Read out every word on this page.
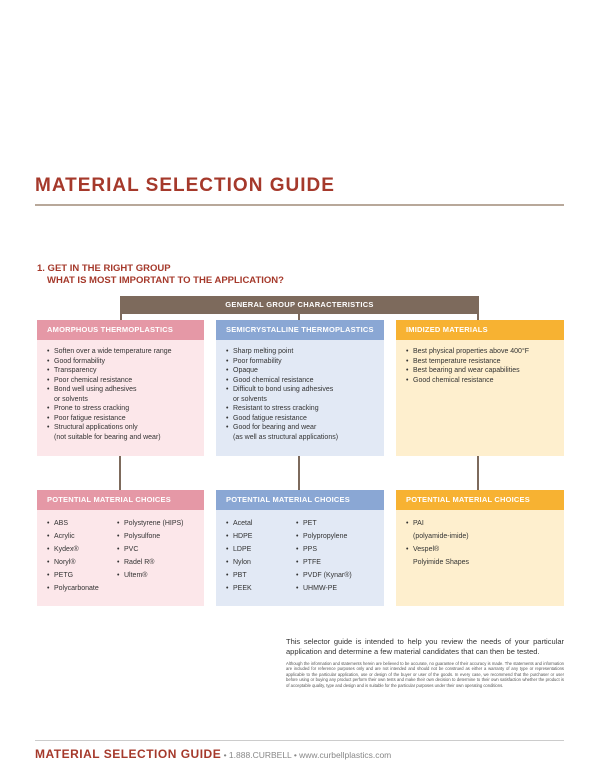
MATERIAL SELECTION GUIDE
1. GET IN THE RIGHT GROUP
WHAT IS MOST IMPORTANT TO THE APPLICATION?
GENERAL GROUP CHARACTERISTICS
AMORPHOUS THERMOPLASTICS
• Soften over a wide temperature range
• Good formability
• Transparency
• Poor chemical resistance
• Bond well using adhesives
or solvents
• Prone to stress cracking
• Poor fatigue resistance
• Structural applications only
(not suitable for bearing and wear)
POTENTIAL MATERIAL CHOICES
• ABS
• Acrylic
• Kydex®
• Noryl®
• PETG
• Polycarbonate
• Polystyrene (HIPS)
• Polysulfone
• PVC
• Radel R®
• Ultem®
SEMICRYSTALLINE THERMOPLASTICS
• Sharp melting point
• Poor formability
• Opaque
• Good chemical resistance
• Difficult to bond using adhesives
or solvents
• Resistant to stress cracking
• Good fatigue resistance
• Good for bearing and wear
(as well as structural applications)
POTENTIAL MATERIAL CHOICES
• Acetal
• HDPE
• LDPE
• Nylon
• PBT
• PEEK
• PET
• Polypropylene
• PPS
• PTFE
• PVDF (Kynar®)
• UHMW-PE
IMIDIZED MATERIALS
• Best physical properties above 400°F
• Best temperature resistance
• Best bearing and wear capabilities
• Good chemical resistance
POTENTIAL MATERIAL CHOICES
• PAI
(polyamide-imide)
• Vespel®
Polyimide Shapes
This selector guide is intended to help you review the needs of your particular application and determine a few material candidates that can then be tested.
Although the information and statements herein are believed to be accurate, no guarantee of their accuracy is made. The statements and information are included for reference purposes only and are not intended and should not be construed as either a warranty of any type or representations applicable to the particular application, use or design of the buyer or user of the goods. In every case, we recommend that the purchaser or user before using or buying any product perform their own tests and make their own decision to determine to their own satisfaction whether the product is of acceptable quality, type and design and is suitable for the particular purposes under their own operating conditions.
MATERIAL SELECTION GUIDE • 1.888.CURBELL • www.curbellplastics.com
